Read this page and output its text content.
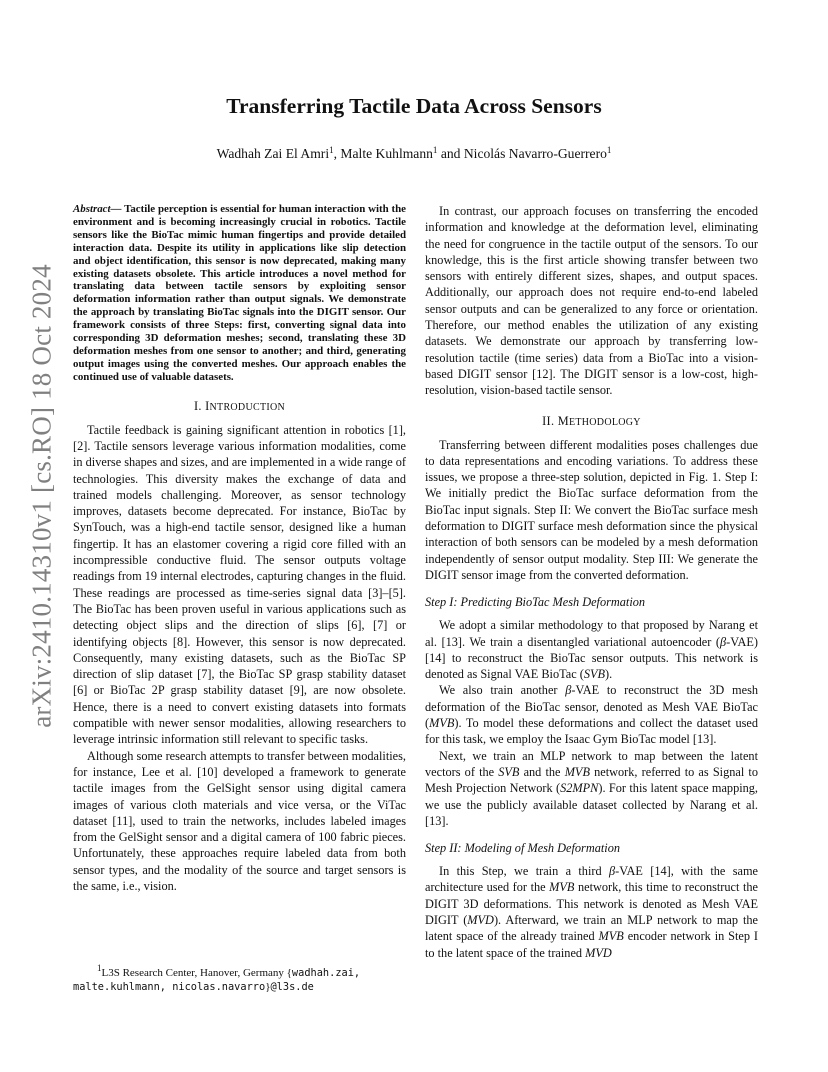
arXiv:2410.14310v1 [cs.RO] 18 Oct 2024
Transferring Tactile Data Across Sensors
Wadhah Zai El Amri$^1$, Malte Kuhlmann$^1$ and Nicolás Navarro-Guerrero$^1$

Abstract— Tactile perception is essential for human interaction with the environment and is becoming increasingly crucial in robotics. Tactile sensors like the BioTac mimic human fingertips and provide detailed interaction data. Despite its utility in applications like slip detection and object identification, this sensor is now deprecated, making many existing datasets obsolete. This article introduces a novel method for translating data between tactile sensors by exploiting sensor deformation information rather than output signals. We demonstrate the approach by translating BioTac signals into the DIGIT sensor. Our framework consists of three Steps: first, converting signal data into corresponding 3D deformation meshes; second, translating these 3D deformation meshes from one sensor to another; and third, generating output images using the converted meshes. Our approach enables the continued use of valuable datasets.

I. INTRODUCTION

Tactile feedback is gaining significant attention in robotics [1], [2]. Tactile sensors leverage various information modalities, come in diverse shapes and sizes, and are implemented in a wide range of technologies. This diversity makes the exchange of data and trained models challenging. Moreover, as sensor technology improves, datasets become deprecated. For instance, BioTac by SynTouch, was a high-end tactile sensor, designed like a human fingertip. It has an elastomer covering a rigid core filled with an incompressible conductive fluid. The sensor outputs voltage readings from 19 internal electrodes, capturing changes in the fluid. These readings are processed as time-series signal data [3]–[5]. The BioTac has been proven useful in various applications such as detecting object slips and the direction of slips [6], [7] or identifying objects [8]. However, this sensor is now deprecated. Consequently, many existing datasets, such as the BioTac SP direction of slip dataset [7], the BioTac SP grasp stability dataset [6] or BioTac 2P grasp stability dataset [9], are now obsolete. Hence, there is a need to convert existing datasets into formats compatible with newer sensor modalities, allowing researchers to leverage intrinsic information still relevant to specific tasks.

Although some research attempts to transfer between modalities, for instance, Lee et al. [10] developed a framework to generate tactile images from the GelSight sensor using digital camera images of various cloth materials and vice versa, or the ViTac dataset [11], used to train the networks, includes labeled images from the GelSight sensor and a digital camera of 100 fabric pieces. Unfortunately, these approaches require labeled data from both sensor types, and the modality of the source and target sensors is the same, i.e., vision.

In contrast, our approach focuses on transferring the encoded information and knowledge at the deformation level, eliminating the need for congruence in the tactile output of the sensors. To our knowledge, this is the first article showing transfer between two sensors with entirely different sizes, shapes, and output spaces. Additionally, our approach does not require end-to-end labeled sensor outputs and can be generalized to any force or orientation. Therefore, our method enables the utilization of any existing datasets. We demonstrate our approach by transferring low-resolution tactile (time series) data from a BioTac into a vision-based DIGIT sensor [12]. The DIGIT sensor is a low-cost, high-resolution, vision-based tactile sensor.

II. METHODOLOGY

Transferring between different modalities poses challenges due to data representations and encoding variations. To address these issues, we propose a three-step solution, depicted in Fig. 1. Step I: We initially predict the BioTac surface deformation from the BioTac input signals. Step II: We convert the BioTac surface mesh deformation to DIGIT surface mesh deformation since the physical interaction of both sensors can be modeled by a mesh deformation independently of sensor output modality. Step III: We generate the DIGIT sensor image from the converted deformation.

Step I: Predicting BioTac Mesh Deformation

We adopt a similar methodology to that proposed by Narang et al. [13]. We train a disentangled variational autoencoder (β-VAE) [14] to reconstruct the BioTac sensor outputs. This network is denoted as Signal VAE BioTac (SVB).

We also train another β-VAE to reconstruct the 3D mesh deformation of the BioTac sensor, denoted as Mesh VAE BioTac (MVB). To model these deformations and collect the dataset used for this task, we employ the Isaac Gym BioTac model [13].

Next, we train an MLP network to map between the latent vectors of the SVB and the MVB network, referred to as Signal to Mesh Projection Network (S2MPN). For this latent space mapping, we use the publicly available dataset collected by Narang et al. [13].

Step II: Modeling of Mesh Deformation

In this Step, we train a third β-VAE [14], with the same architecture used for the MVB network, this time to reconstruct the DIGIT 3D deformations. This network is denoted as Mesh VAE DIGIT (MVD). Afterward, we train an MLP network to map the latent space of the already trained MVB encoder network in Step I to the latent space of the trained MVD

$^1$L3S Research Center, Hanover, Germany {wadhah.zai,
malte.kuhlmann, nicolas.navarro}@l3s.de
